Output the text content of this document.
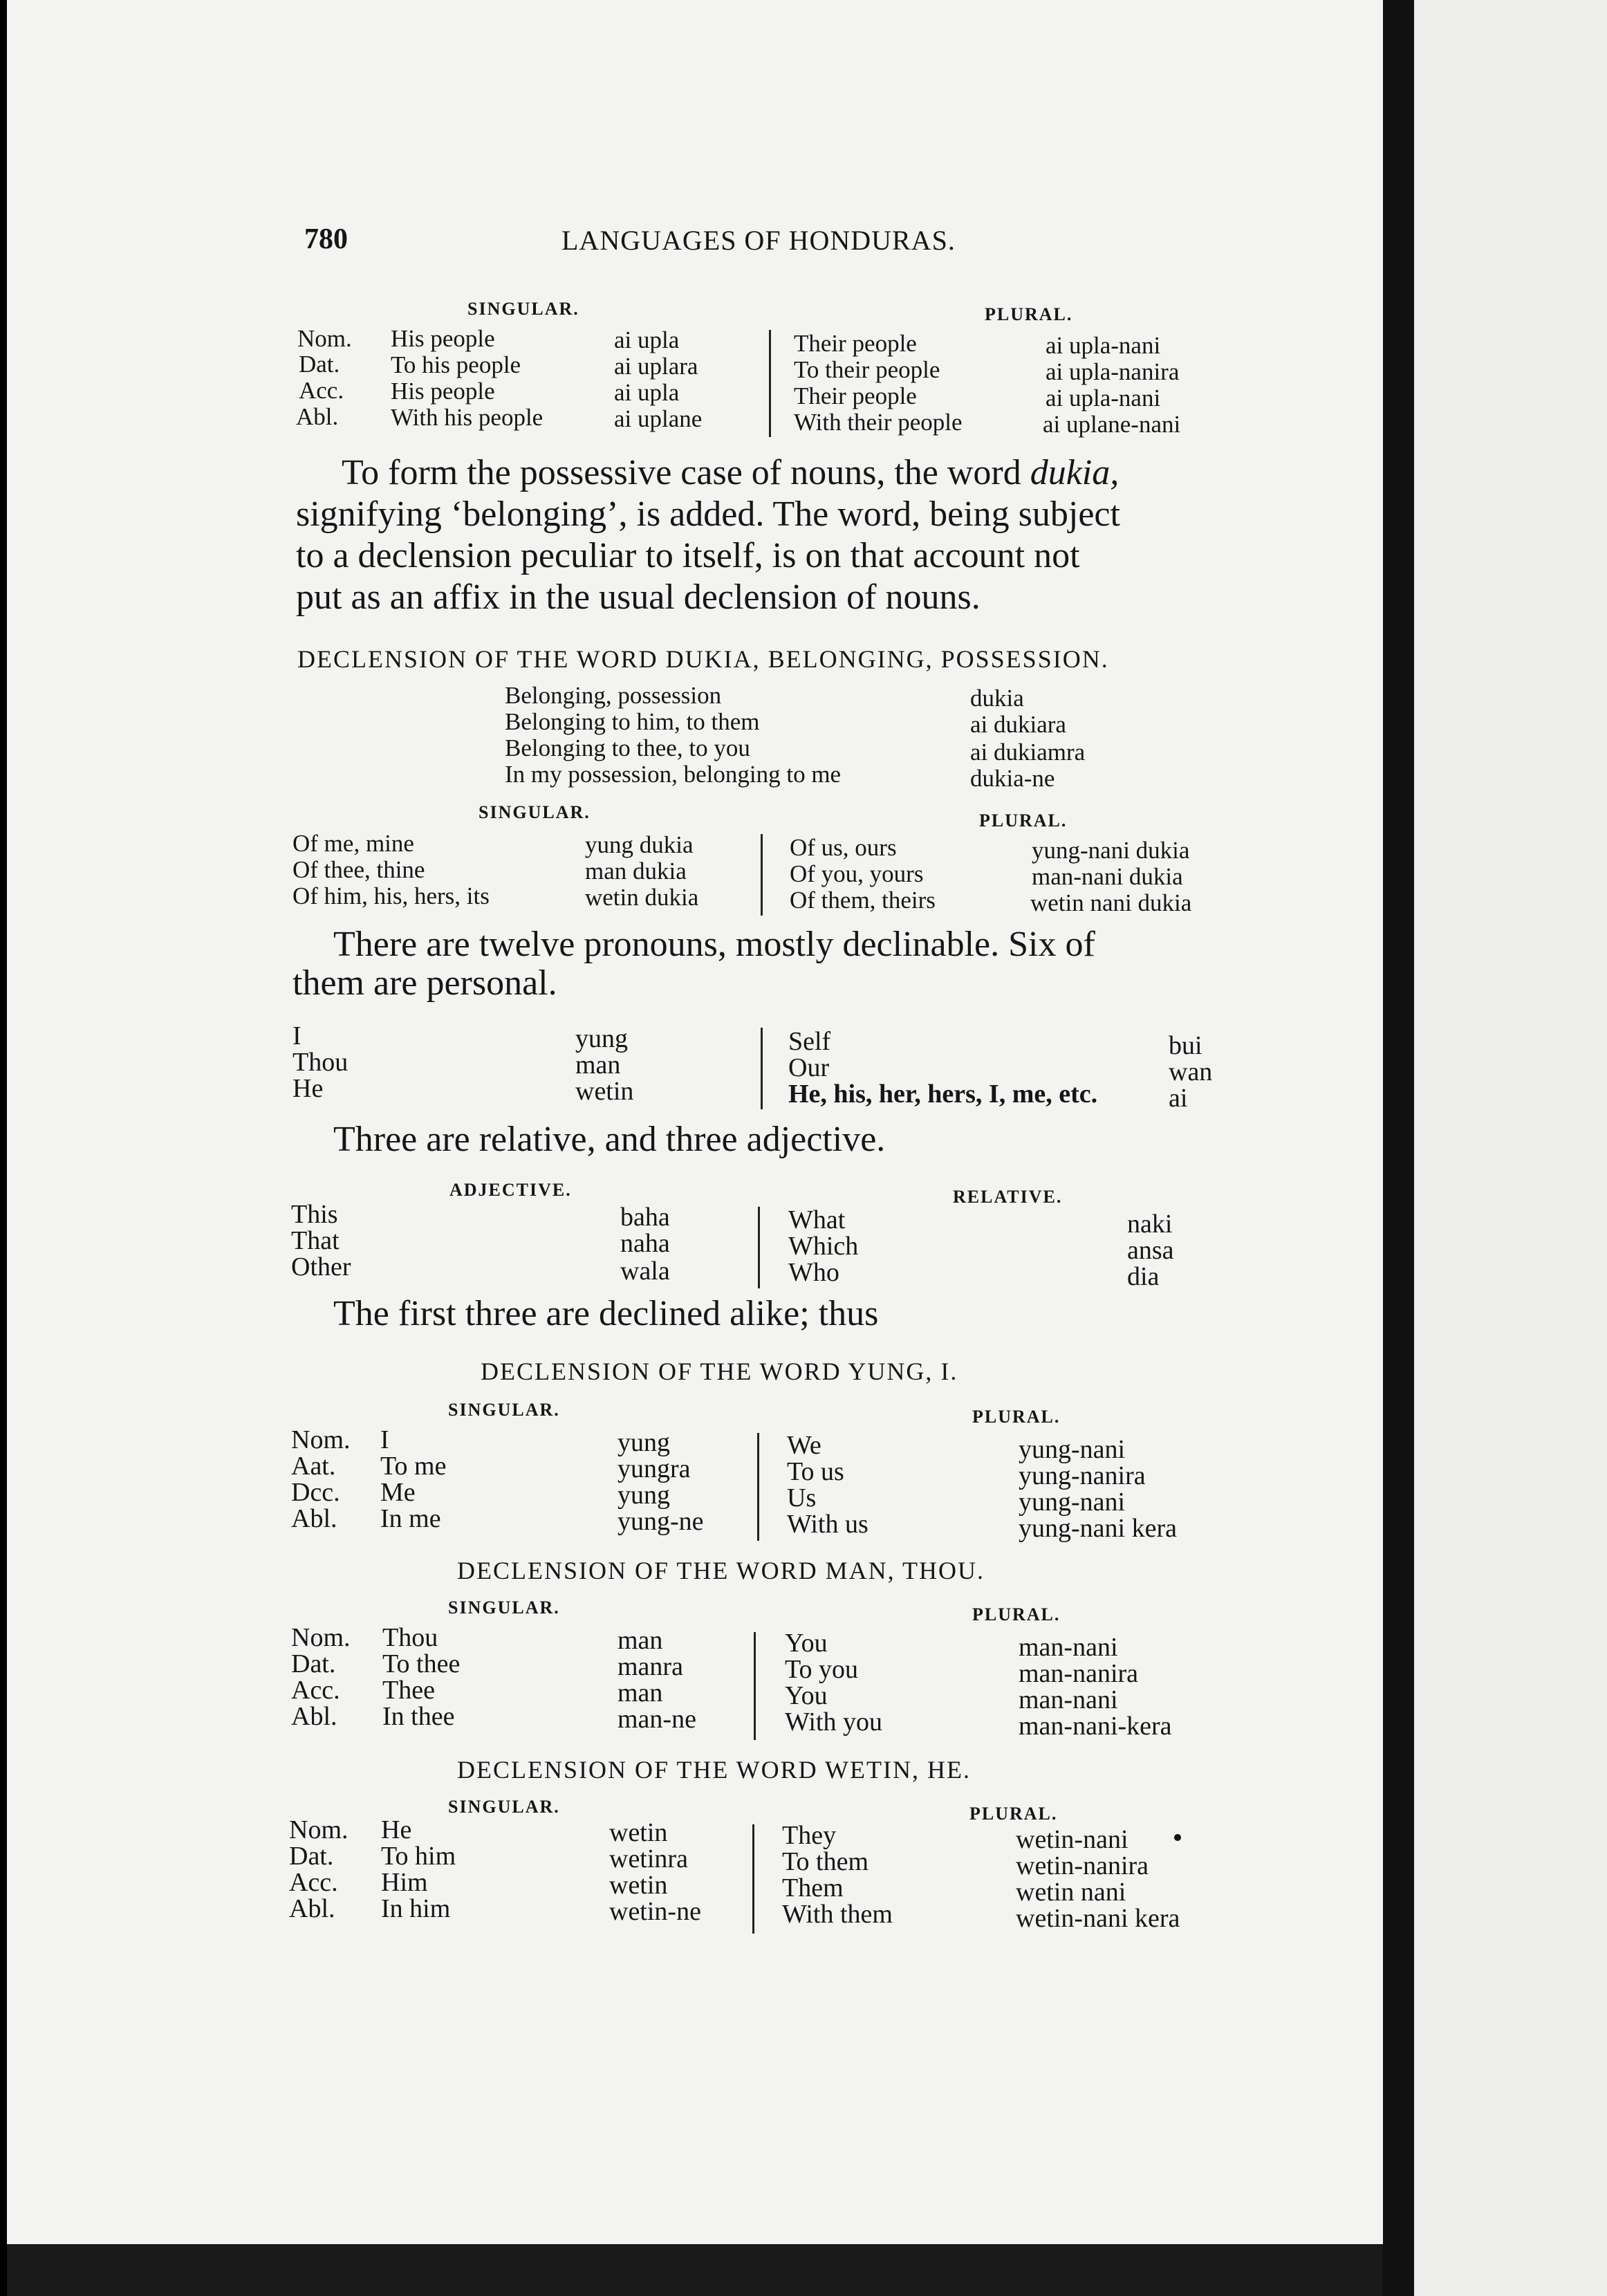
780	LANGUAGES OF HONDURAS.
SINGULAR.	PLURAL.
Nom. His people	ai upla	Their people	ai upla-nani
Dat. To his people	ai uplara	To their people	ai upla-nanira
Acc. His people	ai upla	Their people	ai upla-nani
Abl. With his people	ai uplane	With their people	ai uplane-nani
To form the possessive case of nouns, the word dukia,
signifying ‘belonging’, is added. The word, being subject
to a declension peculiar to itself, is on that account not
put as an affix in the usual declension of nouns.
DECLENSION OF THE WORD DUKIA, BELONGING, POSSESSION.
Belonging, possession	dukia
Belonging to him, to them	ai dukiara
Belonging to thee, to you	ai dukiamra
In my possession, belonging to me	dukia-ne
SINGULAR.	PLURAL.
Of me, mine	yung dukia	Of us, ours	yung-nani dukia
Of thee, thine	man dukia	Of you, yours	man-nani dukia
Of him, his, hers, its	wetin dukia	Of them, theirs	wetin nani dukia
There are twelve pronouns, mostly declinable. Six of
them are personal.
I	yung	Self	bui
Thou	man	Our	wan
He	wetin	He, his, her, hers, I, me, etc.	ai
Three are relative, and three adjective.
ADJECTIVE.	RELATIVE.
This	baha	What	naki
That	naha	Which	ansa
Other	wala	Who	dia
The first three are declined alike; thus
DECLENSION OF THE WORD YUNG, I.
SINGULAR.	PLURAL.
Nom. I	yung	We	yung-nani
Aat. To me	yungra	To us	yung-nanira
Dcc. Me	yung	Us	yung-nani
Abl. In me	yung-ne	With us	yung-nani kera
DECLENSION OF THE WORD MAN, THOU.
SINGULAR.	PLURAL.
Nom. Thou	man	You	man-nani
Dat. To thee	manra	To you	man-nanira
Acc. Thee	man	You	man-nani
Abl. In thee	man-ne	With you	man-nani-kera
DECLENSION OF THE WORD WETIN, HE.
SINGULAR.	PLURAL.
Nom. He	wetin	They	wetin-nani
Dat. To him	wetinra	To them	wetin-nanira
Acc. Him	wetin	Them	wetin nani
Abl. In him	wetin-ne	With them	wetin-nani kera
